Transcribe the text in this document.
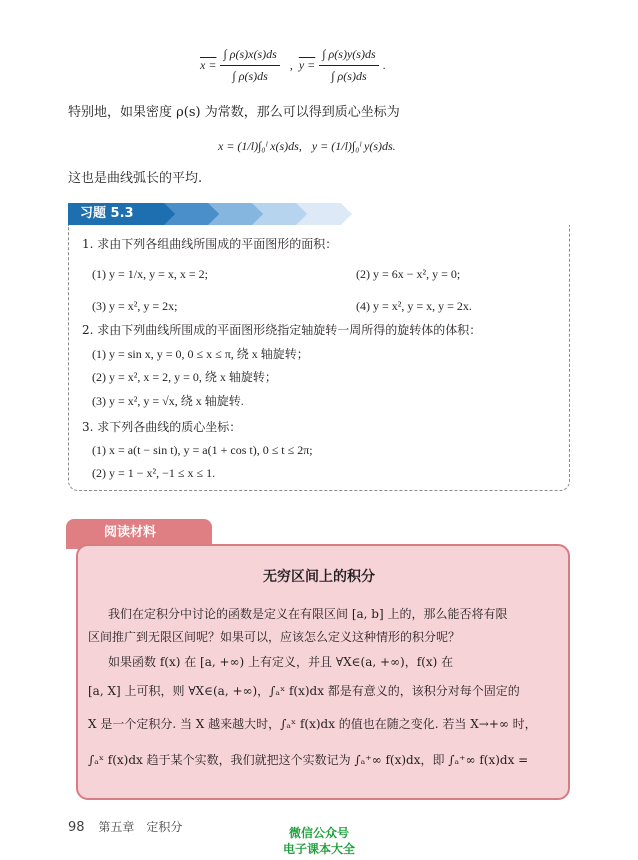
$x = \frac{\int \rho(s)x(s)ds}{\int \rho(s)ds}$ , $y = \frac{\int \rho(s)y(s)ds}{\int \rho(s)ds}$ .
特别地，如果密度 ρ(s) 为常数，那么可以得到质心坐标为
x = (1/l)∫₀ˡ x(s)ds, y = (1/l)∫₀ˡ y(s)ds.
这也是曲线弧长的平均.
习题 5.3
1. 求由下列各组曲线所围成的平面图形的面积：
(1) y = 1/x, y = x, x = 2;	(2) y = 6x − x², y = 0;
(3) y = x², y = 2x;	(4) y = x², y = x, y = 2x.
2. 求由下列曲线所围成的平面图形绕指定轴旋转一周所得的旋转体的体积：
(1) y = sin x, y = 0, 0 ≤ x ≤ π, 绕 x 轴旋转；
(2) y = x², x = 2, y = 0, 绕 x 轴旋转；
(3) y = x², y = √x, 绕 x 轴旋转.
3. 求下列各曲线的质心坐标：
(1) x = a(t − sin t), y = a(1 + cos t), 0 ≤ t ≤ 2π;
(2) y = 1 − x², −1 ≤ x ≤ 1.
阅读材料
无穷区间上的积分
我们在定积分中讨论的函数是定义在有限区间 [a, b] 上的，那么能否将有限
区间推广到无限区间呢？如果可以，应该怎么定义这种情形的积分呢？
如果函数 f(x) 在 [a, +∞) 上有定义，并且 ∀X∈(a, +∞)，f(x) 在
[a, X] 上可积，则 ∀X∈(a, +∞)，∫ₐˣ f(x)dx 都是有意义的，该积分对每个固定的
X 是一个定积分. 当 X 越来越大时，∫ₐˣ f(x)dx 的值也在随之变化. 若当 X→+∞ 时，
∫ₐˣ f(x)dx 趋于某个实数，我们就把这个实数记为 ∫ₐ⁺∞ f(x)dx，即 ∫ₐ⁺∞ f(x)dx =
98 第五章　定积分	微信公众号
电子课本大全
